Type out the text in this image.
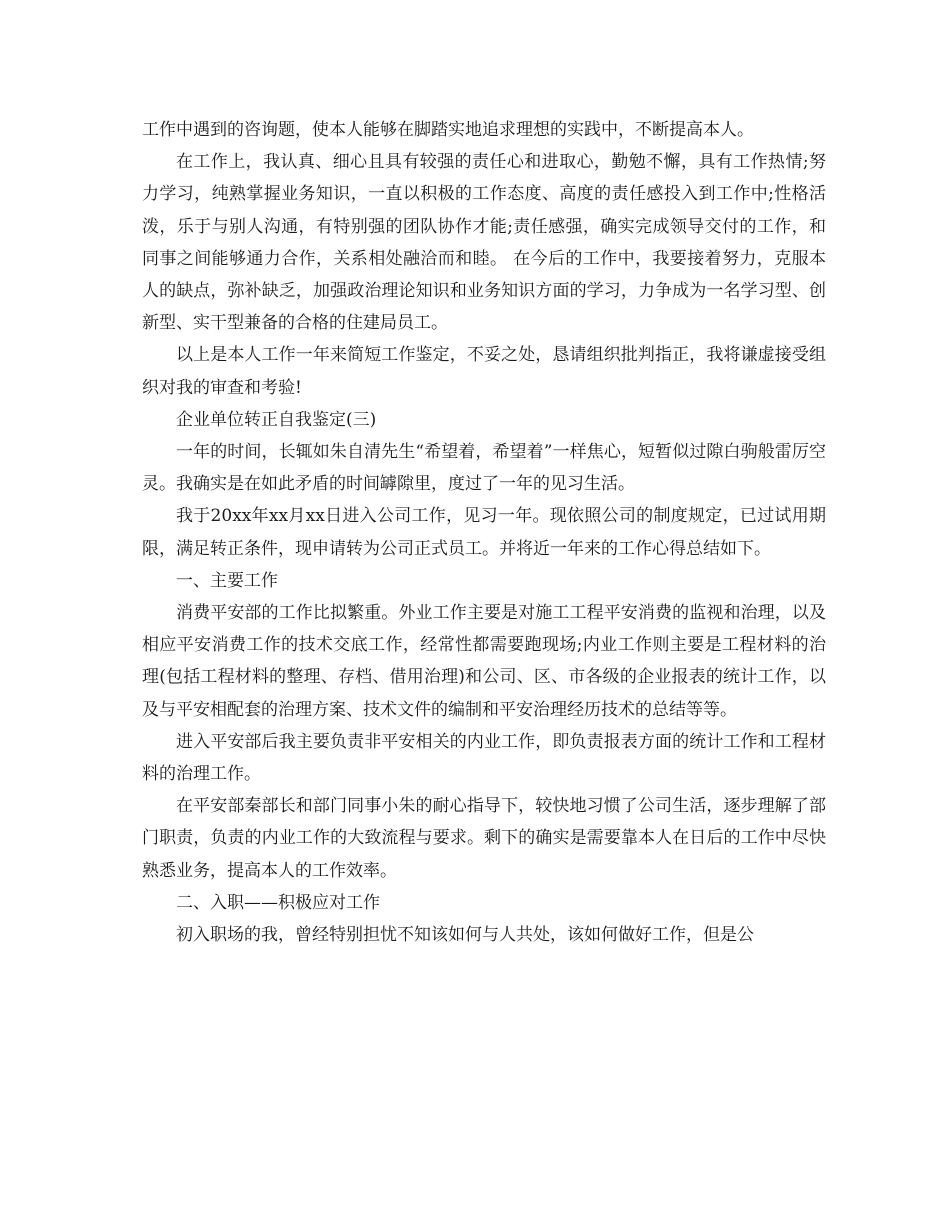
工作中遇到的咨询题，使本人能够在脚踏实地追求理想的实践中，不断提高本人。

在工作上，我认真、细心且具有较强的责任心和进取心，勤勉不懈，具有工作热情;努力学习，纯熟掌握业务知识，一直以积极的工作态度、高度的责任感投入到工作中;性格活泼，乐于与别人沟通，有特别强的团队协作才能;责任感强，确实完成领导交付的工作，和同事之间能够通力合作，关系相处融洽而和睦。 在今后的工作中，我要接着努力，克服本人的缺点，弥补缺乏，加强政治理论知识和业务知识方面的学习，力争成为一名学习型、创新型、实干型兼备的合格的住建局员工。

以上是本人工作一年来简短工作鉴定，不妥之处，恳请组织批判指正，我将谦虚接受组织对我的审查和考验!

企业单位转正自我鉴定(三)

一年的时间，长辄如朱自清先生“希望着，希望着”一样焦心，短暂似过隙白驹般雷厉空灵。我确实是在如此矛盾的时间罅隙里，度过了一年的见习生活。

我于20xx年xx月xx日进入公司工作，见习一年。现依照公司的制度规定，已过试用期限，满足转正条件，现申请转为公司正式员工。并将近一年来的工作心得总结如下。

一、主要工作

消费平安部的工作比拟繁重。外业工作主要是对施工工程平安消费的监视和治理，以及相应平安消费工作的技术交底工作，经常性都需要跑现场;内业工作则主要是工程材料的治理(包括工程材料的整理、存档、借用治理)和公司、区、市各级的企业报表的统计工作，以及与平安相配套的治理方案、技术文件的编制和平安治理经历技术的总结等等。

进入平安部后我主要负责非平安相关的内业工作，即负责报表方面的统计工作和工程材料的治理工作。

在平安部秦部长和部门同事小朱的耐心指导下，较快地习惯了公司生活，逐步理解了部门职责，负责的内业工作的大致流程与要求。剩下的确实是需要靠本人在日后的工作中尽快熟悉业务，提高本人的工作效率。

二、入职——积极应对工作

初入职场的我，曾经特别担忧不知该如何与人共处，该如何做好工作，但是公
